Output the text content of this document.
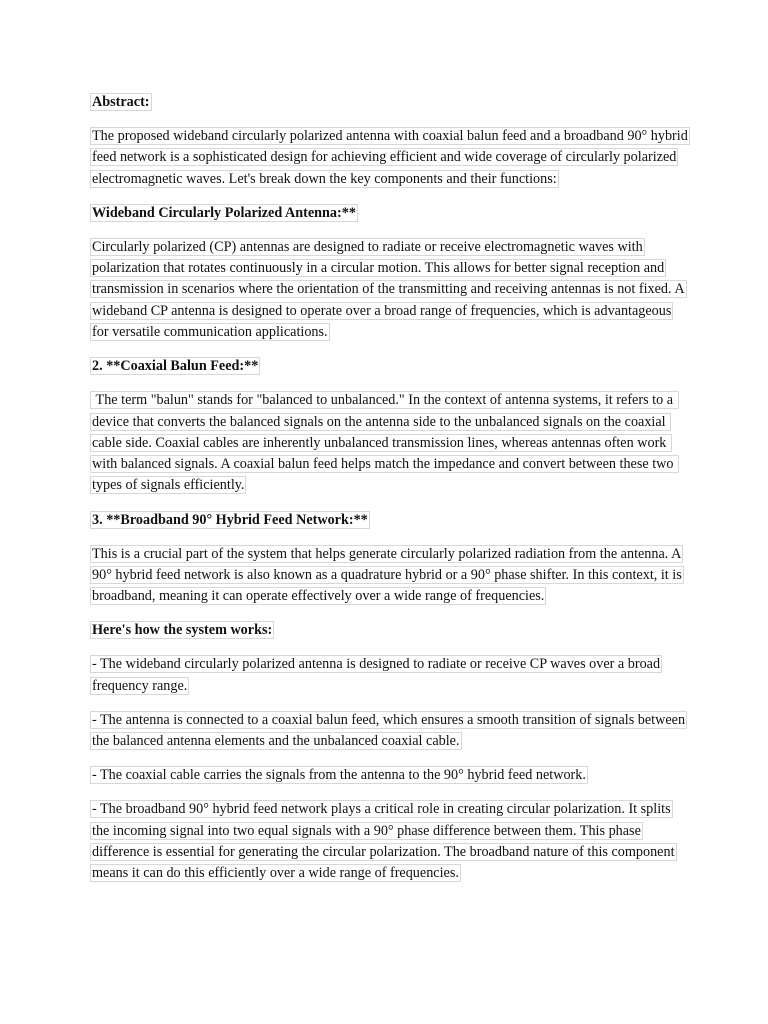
Abstract:

The proposed wideband circularly polarized antenna with coaxial balun feed and a broadband 90° hybrid feed network is a sophisticated design for achieving efficient and wide coverage of circularly polarized electromagnetic waves. Let's break down the key components and their functions:

Wideband Circularly Polarized Antenna:**

Circularly polarized (CP) antennas are designed to radiate or receive electromagnetic waves with polarization that rotates continuously in a circular motion. This allows for better signal reception and transmission in scenarios where the orientation of the transmitting and receiving antennas is not fixed. A wideband CP antenna is designed to operate over a broad range of frequencies, which is advantageous for versatile communication applications.

2. **Coaxial Balun Feed:**

The term "balun" stands for "balanced to unbalanced." In the context of antenna systems, it refers to a device that converts the balanced signals on the antenna side to the unbalanced signals on the coaxial cable side. Coaxial cables are inherently unbalanced transmission lines, whereas antennas often work with balanced signals. A coaxial balun feed helps match the impedance and convert between these two types of signals efficiently.

3. **Broadband 90° Hybrid Feed Network:**

This is a crucial part of the system that helps generate circularly polarized radiation from the antenna. A 90° hybrid feed network is also known as a quadrature hybrid or a 90° phase shifter. In this context, it is broadband, meaning it can operate effectively over a wide range of frequencies.

Here's how the system works:

- The wideband circularly polarized antenna is designed to radiate or receive CP waves over a broad frequency range.

- The antenna is connected to a coaxial balun feed, which ensures a smooth transition of signals between the balanced antenna elements and the unbalanced coaxial cable.

- The coaxial cable carries the signals from the antenna to the 90° hybrid feed network.

- The broadband 90° hybrid feed network plays a critical role in creating circular polarization. It splits the incoming signal into two equal signals with a 90° phase difference between them. This phase difference is essential for generating the circular polarization. The broadband nature of this component means it can do this efficiently over a wide range of frequencies.
